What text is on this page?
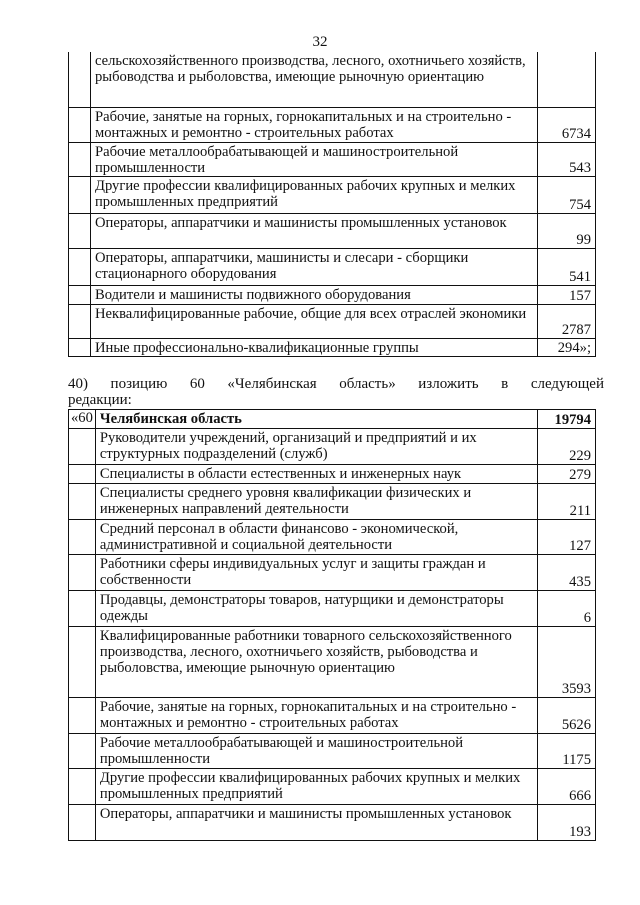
32
	сельскохозяйственного производства, лесного, охотничьего хозяйств, рыбоводства и рыболовства, имеющие рыночную ориентацию	
	Рабочие, занятые на горных, горнокапитальных и на строительно - монтажных и ремонтно - строительных работах	6734
	Рабочие металлообрабатывающей и машиностроительной промышленности	543
	Другие профессии квалифицированных рабочих крупных и мелких промышленных предприятий	754
	Операторы, аппаратчики и машинисты промышленных установок	99
	Операторы, аппаратчики, машинисты и слесари - сборщики стационарного оборудования	541
	Водители и машинисты подвижного оборудования	157
	Неквалифицированные рабочие, общие для всех отраслей экономики	2787
	Иные профессионально-квалификационные группы	294»;
40) позицию 60 «Челябинская область» изложить в следующей
редакции:
«60	Челябинская область	19794
	Руководители учреждений, организаций и предприятий и их структурных подразделений (служб)	229
	Специалисты в области естественных и инженерных наук	279
	Специалисты среднего уровня квалификации физических и инженерных направлений деятельности	211
	Средний персонал в области финансово - экономической, административной и социальной деятельности	127
	Работники сферы индивидуальных услуг и защиты граждан и собственности	435
	Продавцы, демонстраторы товаров, натурщики и демонстраторы одежды	6
	Квалифицированные работники товарного сельскохозяйственного производства, лесного, охотничьего хозяйств, рыбоводства и рыболовства, имеющие рыночную ориентацию	3593
	Рабочие, занятые на горных, горнокапитальных и на строительно - монтажных и ремонтно - строительных работах	5626
	Рабочие металлообрабатывающей и машиностроительной промышленности	1175
	Другие профессии квалифицированных рабочих крупных и мелких промышленных предприятий	666
	Операторы, аппаратчики и машинисты промышленных установок	193
